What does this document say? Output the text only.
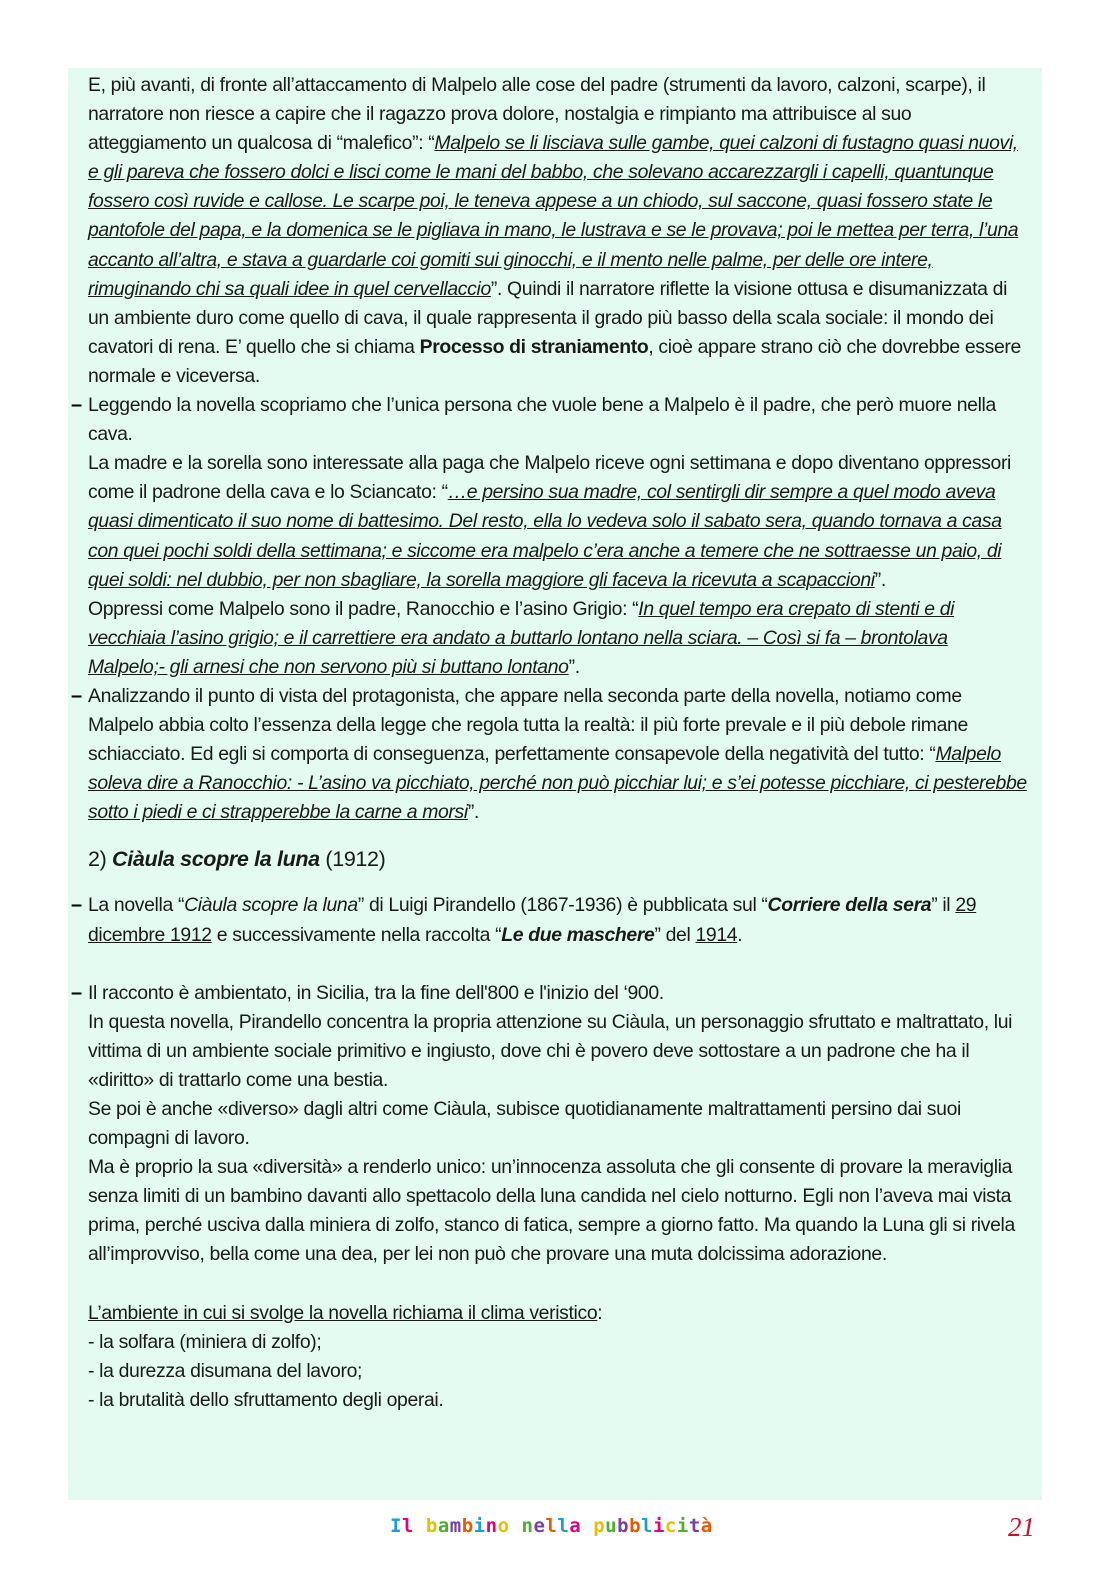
E, più avanti, di fronte all’attaccamento di Malpelo alle cose del padre (strumenti da lavoro, calzoni, scarpe), il narratore non riesce a capire che il ragazzo prova dolore, nostalgia e rimpianto ma attribuisce al suo atteggiamento un qualcosa di “malefico”: “Malpelo se li lisciava sulle gambe, quei calzoni di fustagno quasi nuovi, e gli pareva che fossero dolci e lisci come le mani del babbo, che solevano accarezzargli i capelli, quantunque fossero così ruvide e callose. Le scarpe poi, le teneva appese a un chiodo, sul saccone, quasi fossero state le pantofole del papa, e la domenica se le pigliava in mano, le lustrava e se le provava; poi le mettea per terra, l’una accanto all’altra, e stava a guardarle coi gomiti sui ginocchi, e il mento nelle palme, per delle ore intere, rimuginando chi sa quali idee in quel cervellaccio”. Quindi il narratore riflette la visione ottusa e disumanizzata di un ambiente duro come quello di cava, il quale rappresenta il grado più basso della scala sociale: il mondo dei cavatori di rena. E’ quello che si chiama Processo di straniamento, cioè appare strano ciò che dovrebbe essere normale e viceversa.

– Leggendo la novella scopriamo che l’unica persona che vuole bene a Malpelo è il padre, che però muore nella cava.

La madre e la sorella sono interessate alla paga che Malpelo riceve ogni settimana e dopo diventano oppressori come il padrone della cava e lo Sciancato: “…e persino sua madre, col sentirgli dir sempre a quel modo aveva quasi dimenticato il suo nome di battesimo. Del resto, ella lo vedeva solo il sabato sera, quando tornava a casa con quei pochi soldi della settimana; e siccome era malpelo c’era anche a temere che ne sottraesse un paio, di quei soldi: nel dubbio, per non sbagliare, la sorella maggiore gli faceva la ricevuta a scapaccioni”.

Oppressi come Malpelo sono il padre, Ranocchio e l’asino Grigio: “In quel tempo era crepato di stenti e di vecchiaia l’asino grigio; e il carrettiere era andato a buttarlo lontano nella sciara. – Così si fa – brontolava Malpelo;- gli arnesi che non servono più si buttano lontano”.

– Analizzando il punto di vista del protagonista, che appare nella seconda parte della novella, notiamo come Malpelo abbia colto l’essenza della legge che regola tutta la realtà: il più forte prevale e il più debole rimane schiacciato. Ed egli si comporta di conseguenza, perfettamente consapevole della negatività del tutto: “Malpelo soleva dire a Ranocchio: - L’asino va picchiato, perché non può picchiar lui; e s’ei potesse picchiare, ci pesterebbe sotto i piedi e ci strapperebbe la carne a morsi”.

2) Ciàula scopre la luna (1912)

– La novella “Ciàula scopre la luna” di Luigi Pirandello (1867-1936) è pubblicata sul “Corriere della sera” il 29 dicembre 1912 e successivamente nella raccolta “Le due maschere” del 1914.

– Il racconto è ambientato, in Sicilia, tra la fine dell'800 e l'inizio del ‘900.

In questa novella, Pirandello concentra la propria attenzione su Ciàula, un personaggio sfruttato e maltrattato, lui vittima di un ambiente sociale primitivo e ingiusto, dove chi è povero deve sottostare a un padrone che ha il «diritto» di trattarlo come una bestia.

Se poi è anche «diverso» dagli altri come Ciàula, subisce quotidianamente maltrattamenti persino dai suoi compagni di lavoro.

Ma è proprio la sua «diversità» a renderlo unico: un’innocenza assoluta che gli consente di provare la meraviglia senza limiti di un bambino davanti allo spettacolo della luna candida nel cielo notturno. Egli non l’aveva mai vista prima, perché usciva dalla miniera di zolfo, stanco di fatica, sempre a giorno fatto. Ma quando la Luna gli si rivela all’improvviso, bella come una dea, per lei non può che provare una muta dolcissima adorazione.

L’ambiente in cui si svolge la novella richiama il clima veristico:

- la solfara (miniera di zolfo);

- la durezza disumana del lavoro;

- la brutalità dello sfruttamento degli operai.

Il bambino nella pubblicità	21
